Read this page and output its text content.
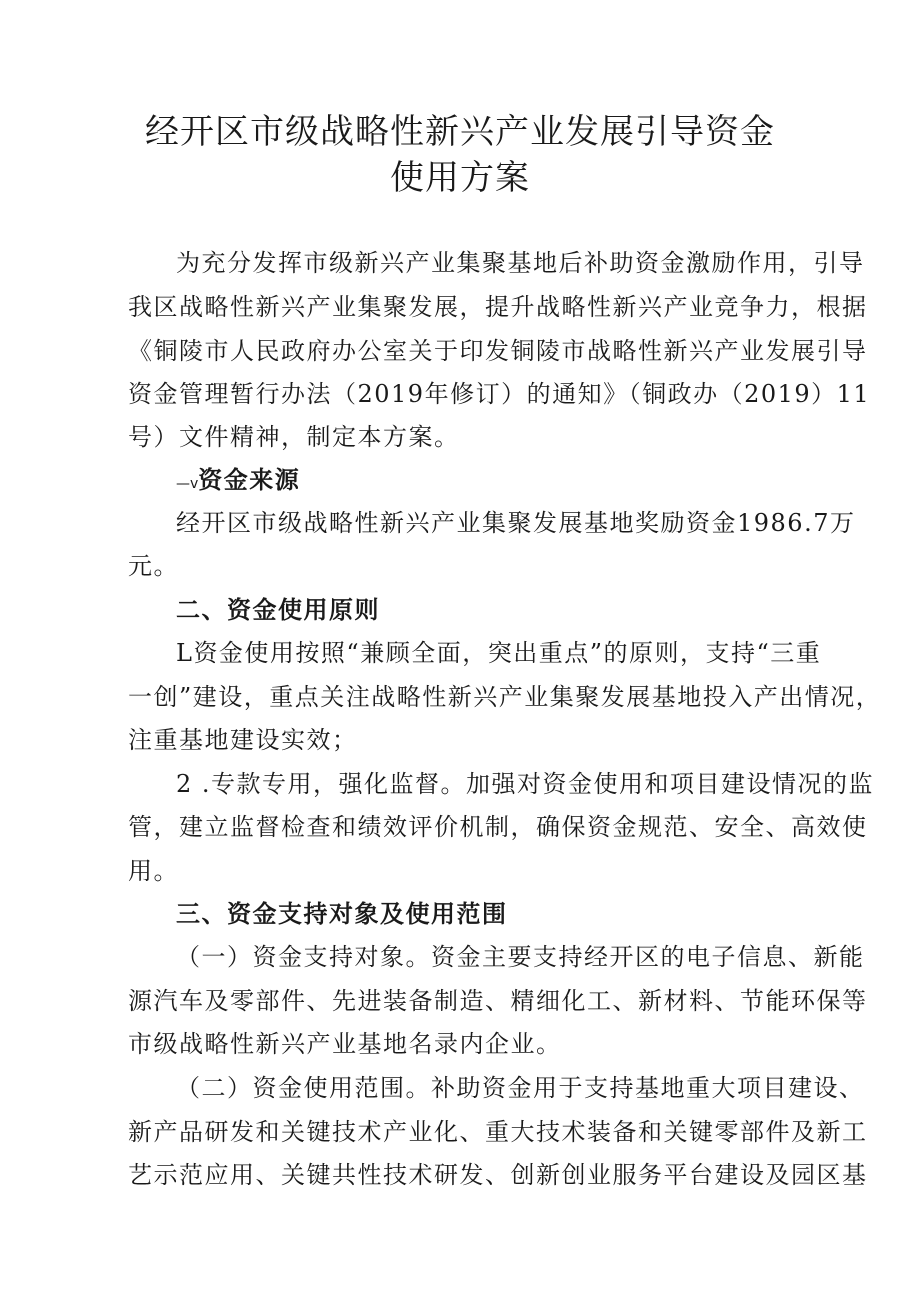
经开区市级战略性新兴产业发展引导资金
使用方案
为充分发挥市级新兴产业集聚基地后补助资金激励作用，引导
我区战略性新兴产业集聚发展，提升战略性新兴产业竞争力，根据
《铜陵市人民政府办公室关于印发铜陵市战略性新兴产业发展引导
资金管理暂行办法（2019年修订）的通知》（铜政办（2019）11
号）文件精神，制定本方案。
—v资金来源
经开区市级战略性新兴产业集聚发展基地奖励资金1986.7万
元。
二、资金使用原则
L资金使用按照“兼顾全面，突出重点”的原则，支持“三重
一创”建设，重点关注战略性新兴产业集聚发展基地投入产出情况，
注重基地建设实效；
2 .专款专用，强化监督。加强对资金使用和项目建设情况的监
管，建立监督检查和绩效评价机制，确保资金规范、安全、高效使
用。
三、资金支持对象及使用范围
（一）资金支持对象。资金主要支持经开区的电子信息、新能
源汽车及零部件、先进装备制造、精细化工、新材料、节能环保等
市级战略性新兴产业基地名录内企业。
（二）资金使用范围。补助资金用于支持基地重大项目建设、
新产品研发和关键技术产业化、重大技术装备和关键零部件及新工
艺示范应用、关键共性技术研发、创新创业服务平台建设及园区基
